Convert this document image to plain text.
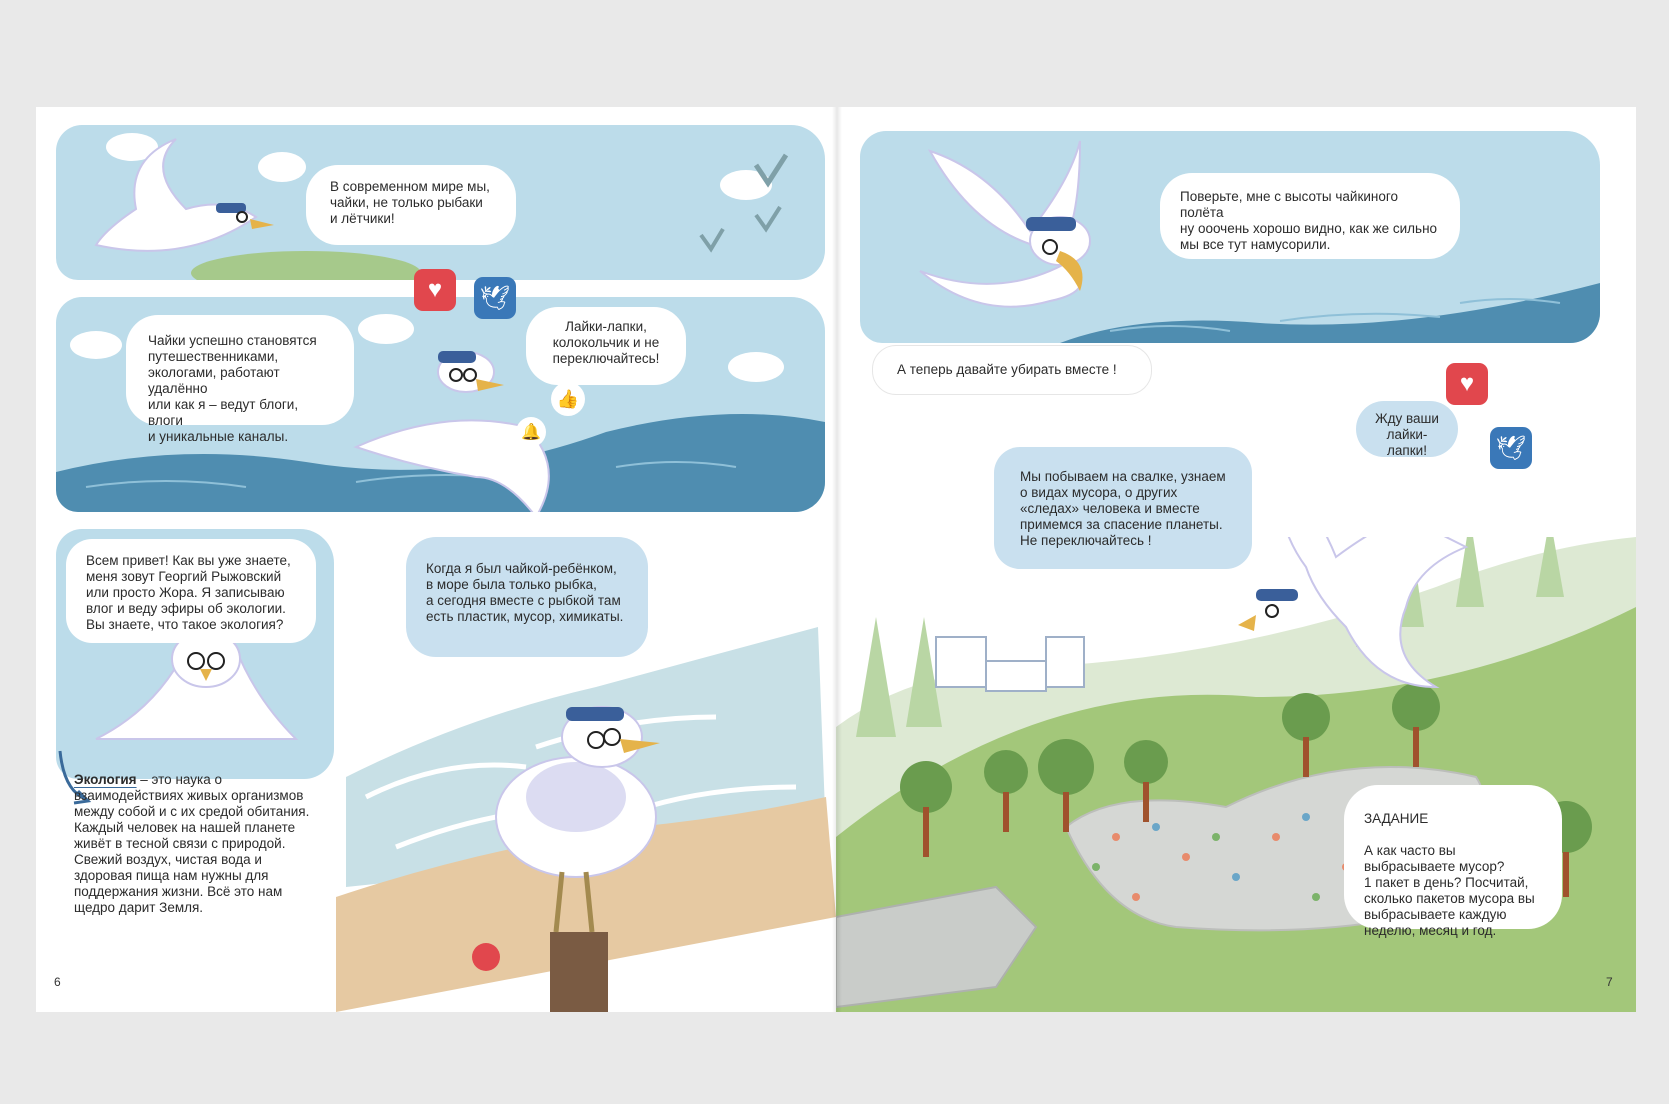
В современном мире мы,
чайки, не только рыбаки
и лётчики!
Чайки успешно становятся
путешественниками,
экологами, работают удалённо
или как я – ведут блоги, влоги
и уникальные каналы.
Лайки-лапки,
колокольчик и не
переключайтесь!
👍
🔔
♥	🕊
Всем привет! Как вы уже знаете,
меня зовут Георгий Рыжовский
или просто Жора. Я записываю
влог и веду эфиры об экологии.
Вы знаете, что такое экология?
Когда я был чайкой-ребёнком,
в море была только рыбка,
а сегодня вместе с рыбкой там
есть пластик, мусор, химикаты.
Экология – это наука о
взаимодействиях живых организмов
между собой и с их средой обитания.
Каждый человек на нашей планете
живёт в тесной связи с природой.
Свежий воздух, чистая вода и
здоровая пища нам нужны для
поддержания жизни. Всё это нам
щедро дарит Земля.
6
Поверьте, мне с высоты чайкиного полёта
ну ооочень хорошо видно, как же сильно
мы все тут намусорили.
А теперь давайте убирать вместе !
♥
🕊
Мы побываем на свалке, узнаем
о видах мусора, о других
«следах» человека и вместе
примемся за спасение планеты.
Не переключайтесь !
Жду ваши
лайки-лапки!

ЗАДАНИЕ

А как часто вы
выбрасываете мусор?
1 пакет в день? Посчитай,
сколько пакетов мусора вы
выбрасываете каждую
неделю, месяц и год.

7
